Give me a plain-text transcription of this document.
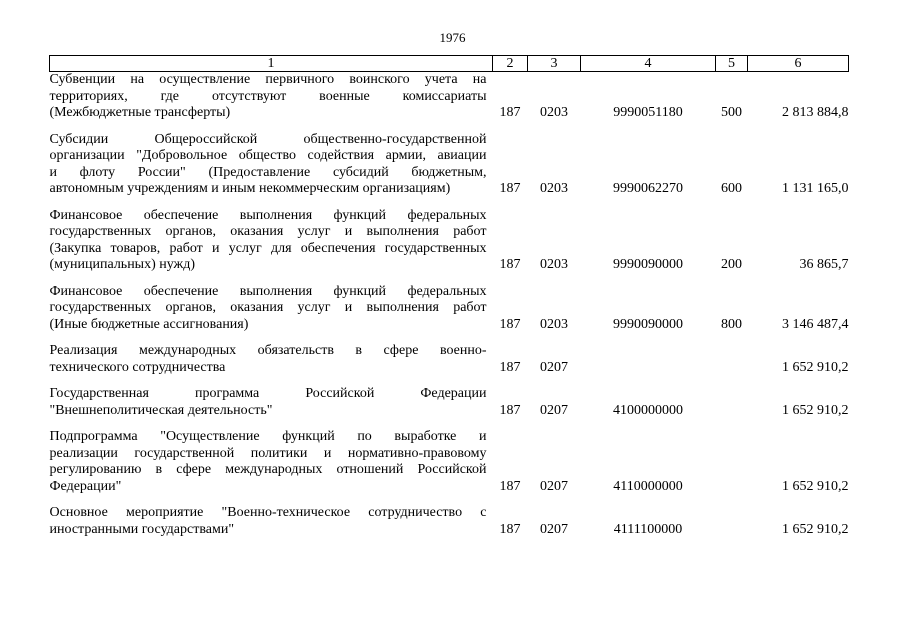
1976
1	2	3	4	5	6

Субвенции на осуществление первичного воинского учета на
территориях, где отсутствуют военные комиссариаты
(Межбюджетные трансферты)	187	0203	9990051180	500	2 813 884,8

Субсидии Общероссийской общественно-государственной
организации "Добровольное общество содействия армии, авиации
и флоту России" (Предоставление субсидий бюджетным,
автономным учреждениям и иным некоммерческим организациям)	187	0203	9990062270	600	1 131 165,0

Финансовое обеспечение выполнения функций федеральных
государственных органов, оказания услуг и выполнения работ
(Закупка товаров, работ и услуг для обеспечения государственных
(муниципальных) нужд)	187	0203	9990090000	200	36 865,7

Финансовое обеспечение выполнения функций федеральных
государственных органов, оказания услуг и выполнения работ
(Иные бюджетные ассигнования)	187	0203	9990090000	800	3 146 487,4

Реализация международных обязательств в сфере военно-
технического сотрудничества	187	0207			1 652 910,2

Государственная программа Российской Федерации
"Внешнеполитическая деятельность"	187	0207	4100000000		1 652 910,2

Подпрограмма "Осуществление функций по выработке и
реализации государственной политики и нормативно-правовому
регулированию в сфере международных отношений Российской
Федерации"	187	0207	4110000000		1 652 910,2

Основное мероприятие "Военно-техническое сотрудничество с
иностранными государствами"	187	0207	4111100000		1 652 910,2
